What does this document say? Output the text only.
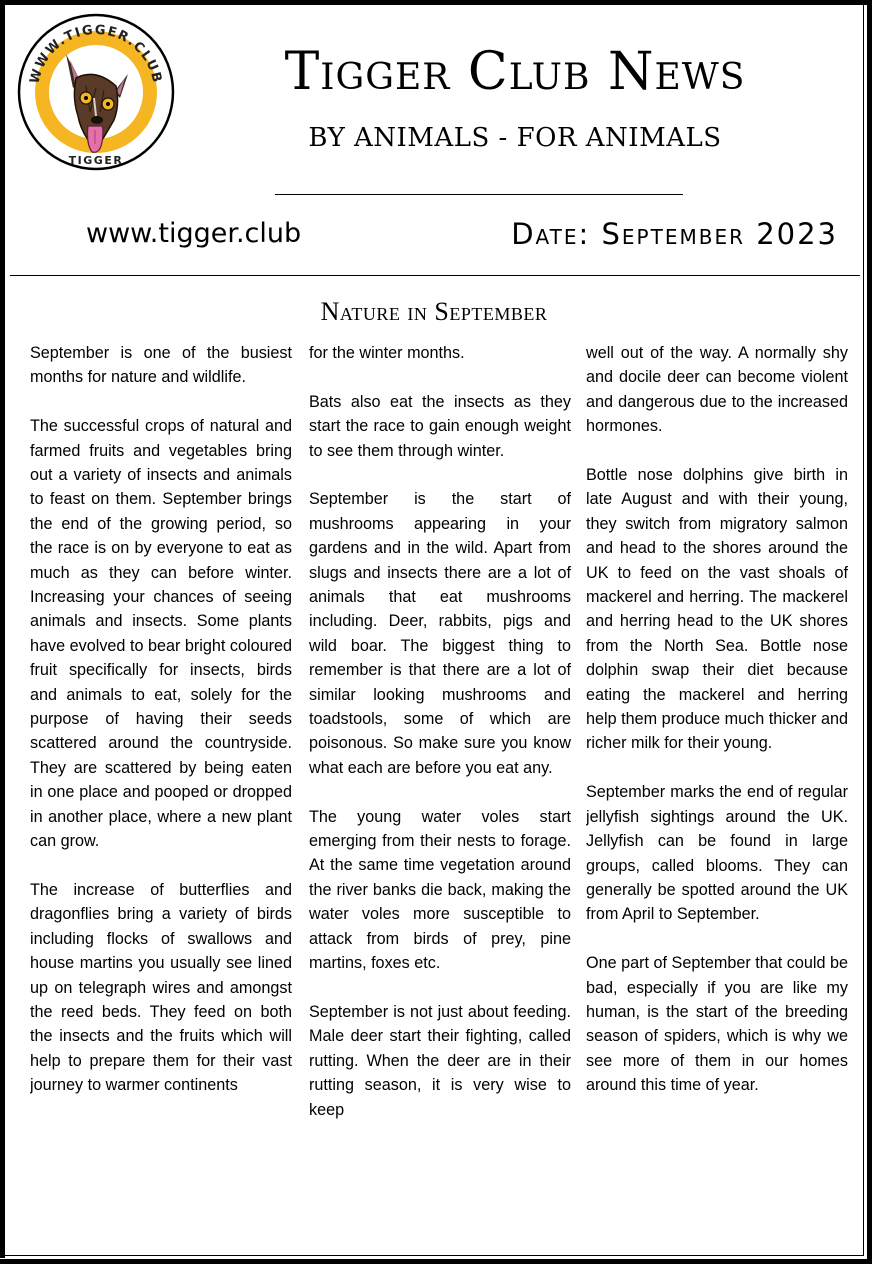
WWW.TIGGER.CLUB
TIGGER
Tigger Club News
BY ANIMALS - FOR ANIMALS
www.tigger.club	Date: September 2023
Nature in September

September is one of the busiest months for nature and wildlife.

The successful crops of natural and farmed fruits and vegetables bring out a variety of insects and animals to feast on them. September brings the end of the growing period, so the race is on by everyone to eat as much as they can before winter. Increasing your chances of seeing animals and insects. Some plants have evolved to bear bright coloured fruit specifically for insects, birds and animals to eat, solely for the purpose of having their seeds scattered around the countryside. They are scattered by being eaten in one place and pooped or dropped in another place, where a new plant can grow.

The increase of butterflies and dragonflies bring a variety of birds including flocks of swallows and house martins you usually see lined up on telegraph wires and amongst the reed beds. They feed on both the insects and the fruits which will help to prepare them for their vast journey to warmer continents

for the winter months.

Bats also eat the insects as they start the race to gain enough weight to see them through winter.

September is the start of mushrooms appearing in your gardens and in the wild. Apart from slugs and insects there are a lot of animals that eat mushrooms including. Deer, rabbits, pigs and wild boar. The biggest thing to remember is that there are a lot of similar looking mushrooms and toadstools, some of which are poisonous. So make sure you know what each are before you eat any.

The young water voles start emerging from their nests to forage. At the same time vegetation around the river banks die back, making the water voles more susceptible to attack from birds of prey, pine martins, foxes etc.

September is not just about feeding. Male deer start their fighting, called rutting. When the deer are in their rutting season, it is very wise to keep

well out of the way. A normally shy and docile deer can become violent and dangerous due to the increased hormones.

Bottle nose dolphins give birth in late August and with their young, they switch from migratory salmon and head to the shores around the UK to feed on the vast shoals of mackerel and herring. The mackerel and herring head to the UK shores from the North Sea. Bottle nose dolphin swap their diet because eating the mackerel and herring help them produce much thicker and richer milk for their young.

September marks the end of regular jellyfish sightings around the UK. Jellyfish can be found in large groups, called blooms. They can generally be spotted around the UK from April to September.

One part of September that could be bad, especially if you are like my human, is the start of the breeding season of spiders, which is why we see more of them in our homes around this time of year.
